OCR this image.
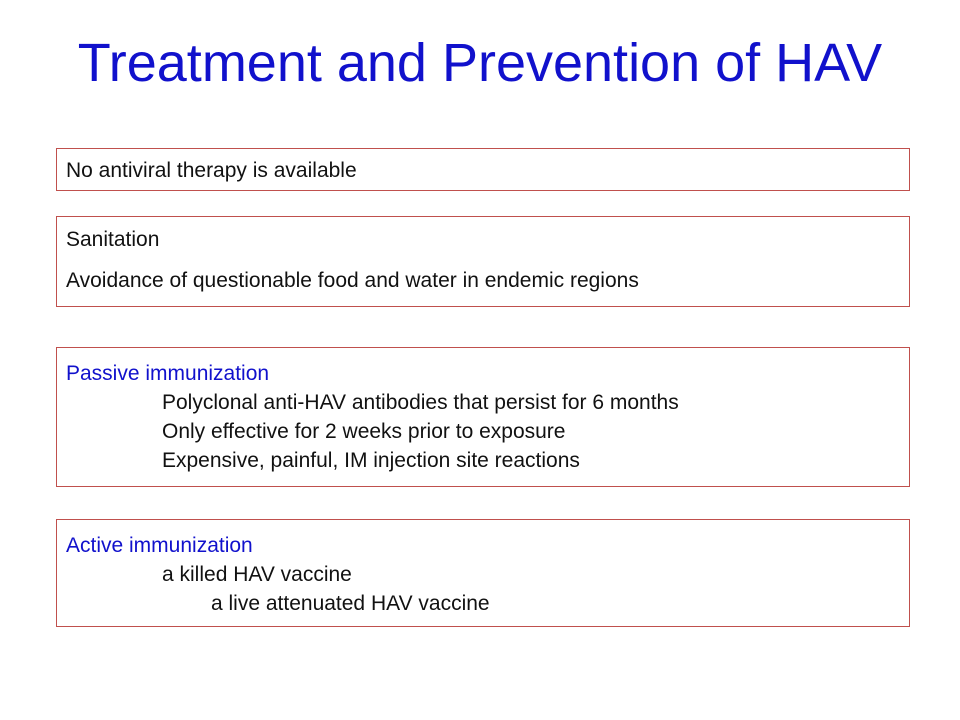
Treatment and Prevention of HAV

No antiviral therapy is available

Sanitation

Avoidance of questionable food and water in endemic regions

Passive immunization

Polyclonal anti-HAV antibodies that persist for 6 months

Only effective for 2 weeks prior to exposure

Expensive, painful, IM injection site reactions

Active immunization

a killed HAV vaccine

a live attenuated HAV vaccine
